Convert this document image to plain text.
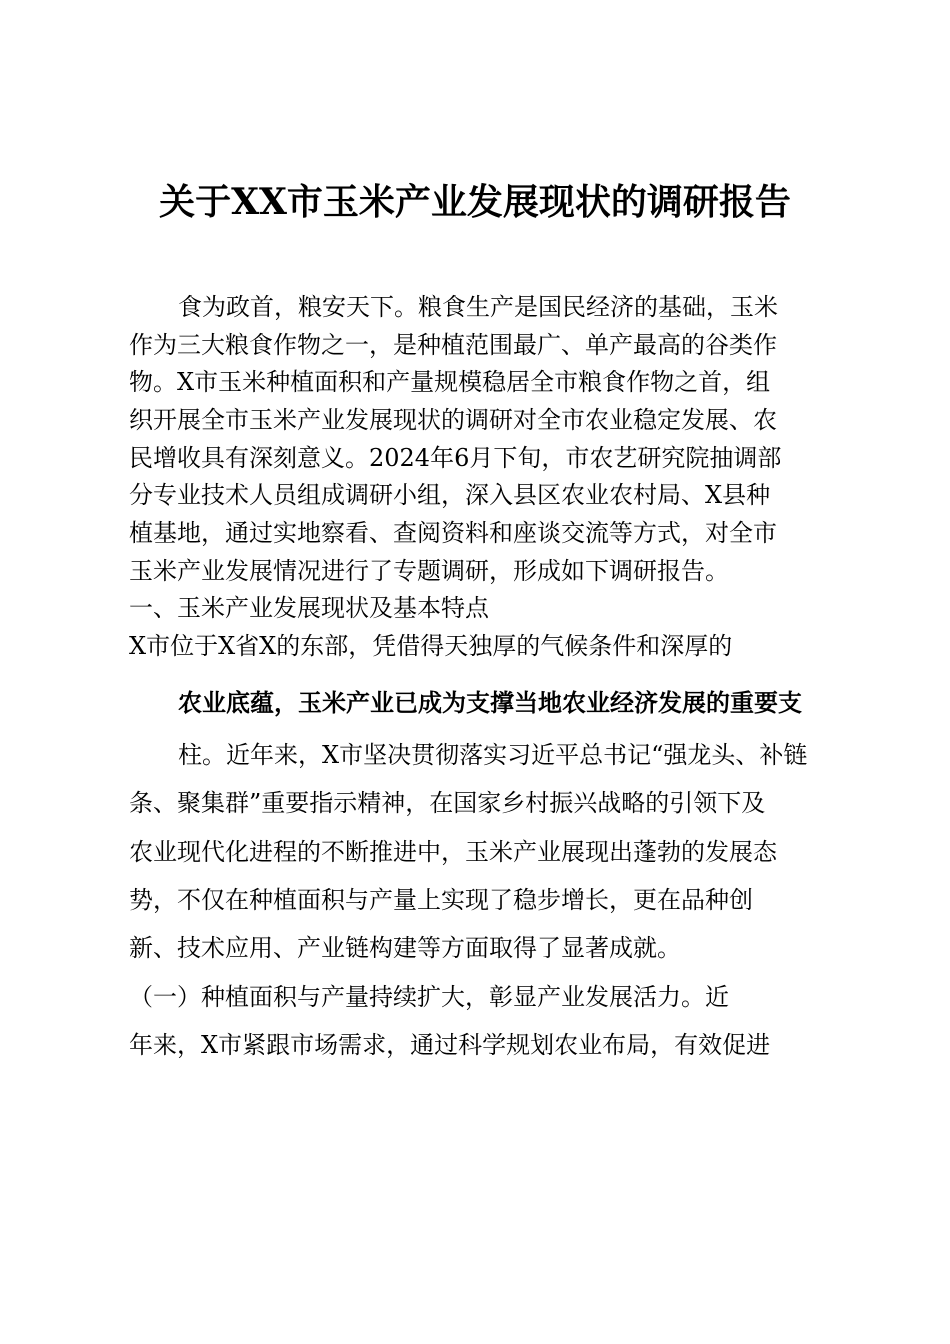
关于XX市玉米产业发展现状的调研报告

食为政首，粮安天下。粮食生产是国民经济的基础，玉米

作为三大粮食作物之一，是种植范围最广、单产最高的谷类作

物。X市玉米种植面积和产量规模稳居全市粮食作物之首，组

织开展全市玉米产业发展现状的调研对全市农业稳定发展、农

民增收具有深刻意义。2024年6月下旬，市农艺研究院抽调部

分专业技术人员组成调研小组，深入县区农业农村局、X县种

植基地，通过实地察看、查阅资料和座谈交流等方式，对全市

玉米产业发展情况进行了专题调研，形成如下调研报告。

一、玉米产业发展现状及基本特点

X市位于X省X的东部，凭借得天独厚的气候条件和深厚的

农业底蕴，玉米产业已成为支撑当地农业经济发展的重要支

柱。近年来，X市坚决贯彻落实习近平总书记“强龙头、补链

条、聚集群”重要指示精神，在国家乡村振兴战略的引领下及

农业现代化进程的不断推进中，玉米产业展现出蓬勃的发展态

势，不仅在种植面积与产量上实现了稳步增长，更在品种创

新、技术应用、产业链构建等方面取得了显著成就。

（一）种植面积与产量持续扩大，彰显产业发展活力。近

年来，X市紧跟市场需求，通过科学规划农业布局，有效促进
